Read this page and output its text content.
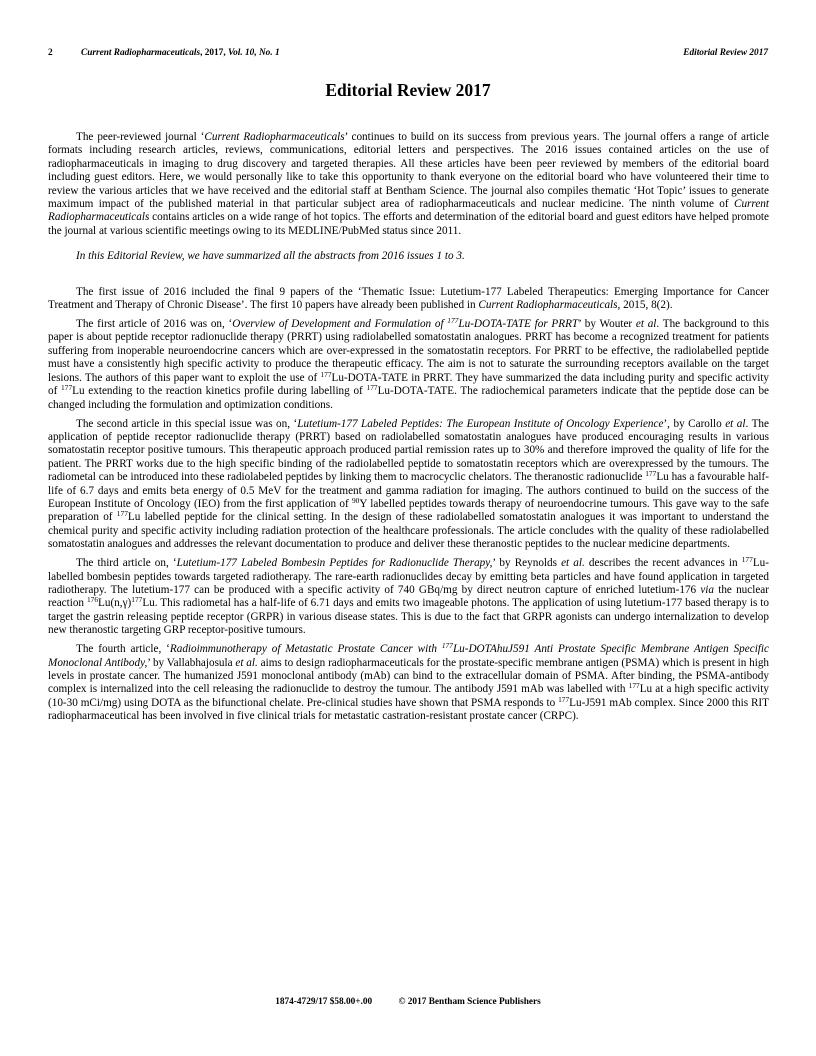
2	Current Radiopharmaceuticals, 2017, Vol. 10, No. 1	Editorial Review 2017
Editorial Review 2017

The peer-reviewed journal ‘Current Radiopharmaceuticals’ continues to build on its success from previous years. The journal offers a range of article formats including research articles, reviews, communications, editorial letters and perspectives. The 2016 issues contained articles on the use of radiopharmaceuticals in imaging to drug discovery and targeted therapies. All these articles have been peer reviewed by members of the editorial board including guest editors. Here, we would personally like to take this opportunity to thank everyone on the editorial board who have volunteered their time to review the various articles that we have received and the editorial staff at Bentham Science. The journal also compiles thematic ‘Hot Topic’ issues to generate maximum impact of the published material in that particular subject area of radiopharmaceuticals and nuclear medicine. The ninth volume of Current Radiopharmaceuticals contains articles on a wide range of hot topics. The efforts and determination of the editorial board and guest editors have helped promote the journal at various scientific meetings owing to its MEDLINE/PubMed status since 2011.

In this Editorial Review, we have summarized all the abstracts from 2016 issues 1 to 3.

The first issue of 2016 included the final 9 papers of the ‘Thematic Issue: Lutetium-177 Labeled Therapeutics: Emerging Importance for Cancer Treatment and Therapy of Chronic Disease’. The first 10 papers have already been published in Current Radiopharmaceuticals, 2015, 8(2).

The first article of 2016 was on, ‘Overview of Development and Formulation of $^{177}$Lu-DOTA-TATE for PRRT’ by Wouter et al. The background to this paper is about peptide receptor radionuclide therapy (PRRT) using radiolabelled somatostatin analogues. PRRT has become a recognized treatment for patients suffering from inoperable neuroendocrine cancers which are over-expressed in the somatostatin receptors. For PRRT to be effective, the radiolabelled peptide must have a consistently high specific activity to produce the therapeutic efficacy. The aim is not to saturate the surrounding receptors available on the target lesions. The authors of this paper want to exploit the use of $^{177}$Lu-DOTA-TATE in PRRT. They have summarized the data including purity and specific activity of $^{177}$Lu extending to the reaction kinetics profile during labelling of $^{177}$Lu-DOTA-TATE. The radiochemical parameters indicate that the peptide dose can be changed including the formulation and optimization conditions.

The second article in this special issue was on, ‘Lutetium-177 Labeled Peptides: The European Institute of Oncology Experience’, by Carollo et al. The application of peptide receptor radionuclide therapy (PRRT) based on radiolabelled somatostatin analogues have produced encouraging results in various somatostatin receptor positive tumours. This therapeutic approach produced partial remission rates up to 30% and therefore improved the quality of life for the patient. The PRRT works due to the high specific binding of the radiolabelled peptide to somatostatin receptors which are overexpressed by the tumours. The radiometal can be introduced into these radiolabeled peptides by linking them to macrocyclic chelators. The theranostic radionuclide $^{177}$Lu has a favourable half-life of 6.7 days and emits beta energy of 0.5 MeV for the treatment and gamma radiation for imaging. The authors continued to build on the success of the European Institute of Oncology (IEO) from the first application of $^{90}$Y labelled peptides towards therapy of neuroendocrine tumours. This gave way to the safe preparation of $^{177}$Lu labelled peptide for the clinical setting. In the design of these radiolabelled somatostatin analogues it was important to understand the chemical purity and specific activity including radiation protection of the healthcare professionals. The article concludes with the quality of these radiolabelled somatostatin analogues and addresses the relevant documentation to produce and deliver these theranostic peptides to the nuclear medicine departments.

The third article on, ‘Lutetium-177 Labeled Bombesin Peptides for Radionuclide Therapy,’ by Reynolds et al. describes the recent advances in $^{177}$Lu-labelled bombesin peptides towards targeted radiotherapy. The rare-earth radionuclides decay by emitting beta particles and have found application in targeted radiotherapy. The lutetium-177 can be produced with a specific activity of 740 GBq/mg by direct neutron capture of enriched lutetium-176 via the nuclear reaction $^{176}Lu(n,\gamma)^{177}Lu$. This radiometal has a half-life of 6.71 days and emits two imageable photons. The application of using lutetium-177 based therapy is to target the gastrin releasing peptide receptor (GRPR) in various disease states. This is due to the fact that GRPR agonists can undergo internalization to develop new theranostic targeting GRP receptor-positive tumours.

The fourth article, ‘Radioimmunotherapy of Metastatic Prostate Cancer with $^{177}$Lu-DOTAhuJ591 Anti Prostate Specific Membrane Antigen Specific Monoclonal Antibody,’ by Vallabhajosula et al. aims to design radiopharmaceuticals for the prostate-specific membrane antigen (PSMA) which is present in high levels in prostate cancer. The humanized J591 monoclonal antibody (mAb) can bind to the extracellular domain of PSMA. After binding, the PSMA-antibody complex is internalized into the cell releasing the radionuclide to destroy the tumour. The antibody J591 mAb was labelled with $^{177}$Lu at a high specific activity (10-30 mCi/mg) using DOTA as the bifunctional chelate. Pre-clinical studies have shown that PSMA responds to $^{177}$Lu-J591 mAb complex. Since 2000 this RIT radiopharmaceutical has been involved in five clinical trials for metastatic castration-resistant prostate cancer (CRPC).

1874-4729/17 $58.00+.00	© 2017 Bentham Science Publishers
